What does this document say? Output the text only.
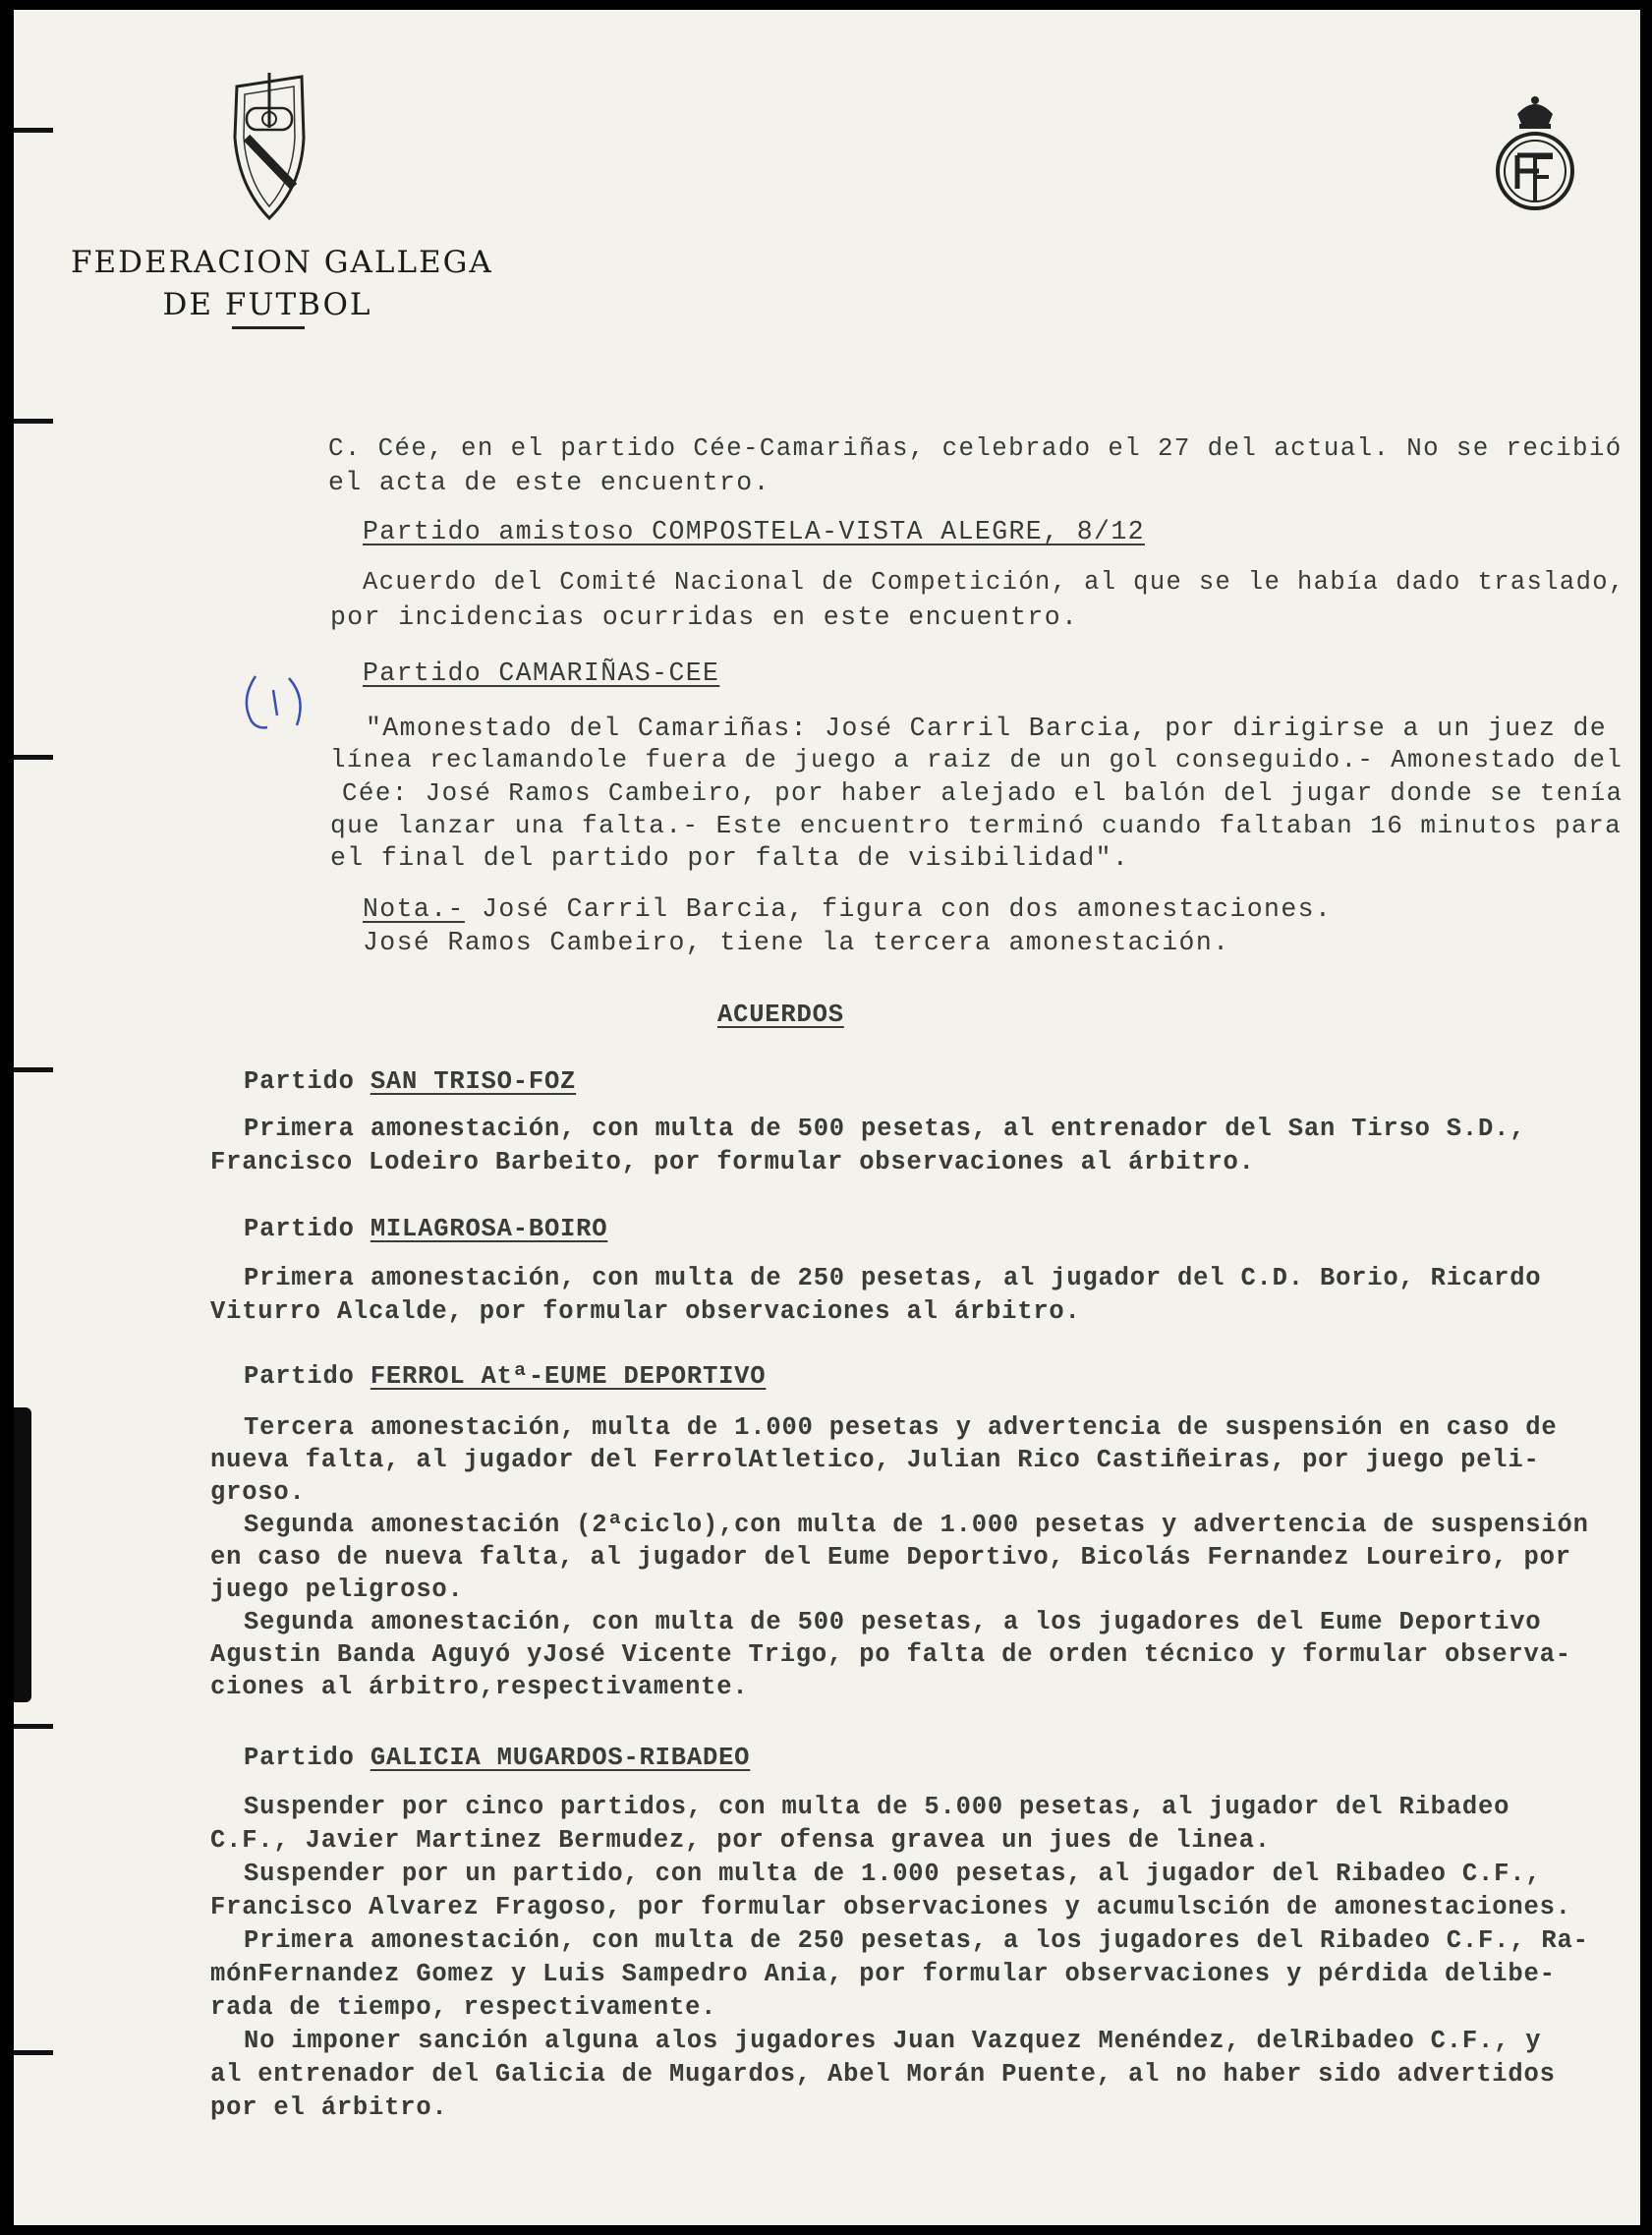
FEDERACION GALLEGA
DE FUTBOL
C. Cée, en el partido Cée-Camariñas, celebrado el 27 del actual. No se recibió
el acta de este encuentro.
Partido amistoso COMPOSTELA-VISTA ALEGRE, 8/12
Acuerdo del Comité Nacional de Competición, al que se le había dado traslado,
por incidencias ocurridas en este encuentro.
Partido CAMARIÑAS-CEE
"Amonestado del Camariñas: José Carril Barcia, por dirigirse a un juez de
línea reclamandole fuera de juego a raiz de un gol conseguido.- Amonestado del
Cée: José Ramos Cambeiro, por haber alejado el balón del jugar donde se tenía
que lanzar una falta.- Este encuentro terminó cuando faltaban 16 minutos para
el final del partido por falta de visibilidad".
Nota.- José Carril Barcia, figura con dos amonestaciones.
José Ramos Cambeiro, tiene la tercera amonestación.
ACUERDOS
Partido SAN TRISO-FOZ
Primera amonestación, con multa de 500 pesetas, al entrenador del San Tirso S.D.,
Francisco Lodeiro Barbeito, por formular observaciones al árbitro.
Partido MILAGROSA-BOIRO
Primera amonestación, con multa de 250 pesetas, al jugador del C.D. Borio, Ricardo
Viturro Alcalde, por formular observaciones al árbitro.
Partido FERROL Atª-EUME DEPORTIVO
Tercera amonestación, multa de 1.000 pesetas y advertencia de suspensión en caso de
nueva falta, al jugador del FerrolAtletico, Julian Rico Castiñeiras, por juego peli-
groso.
Segunda amonestación (2ªciclo),con multa de 1.000 pesetas y advertencia de suspensión
en caso de nueva falta, al jugador del Eume Deportivo, Bicolás Fernandez Loureiro, por
juego peligroso.
Segunda amonestación, con multa de 500 pesetas, a los jugadores del Eume Deportivo
Agustin Banda Aguyó yJosé Vicente Trigo, po falta de orden técnico y formular observa-
ciones al árbitro,respectivamente.
Partido GALICIA MUGARDOS-RIBADEO
Suspender por cinco partidos, con multa de 5.000 pesetas, al jugador del Ribadeo
C.F., Javier Martinez Bermudez, por ofensa gravea un jues de linea.
Suspender por un partido, con multa de 1.000 pesetas, al jugador del Ribadeo C.F.,
Francisco Alvarez Fragoso, por formular observaciones y acumulsción de amonestaciones.
Primera amonestación, con multa de 250 pesetas, a los jugadores del Ribadeo C.F., Ra-
mónFernandez Gomez y Luis Sampedro Ania, por formular observaciones y pérdida delibe-
rada de tiempo, respectivamente.
No imponer sanción alguna alos jugadores Juan Vazquez Menéndez, delRibadeo C.F., y
al entrenador del Galicia de Mugardos, Abel Morán Puente, al no haber sido advertidos
por el árbitro.
